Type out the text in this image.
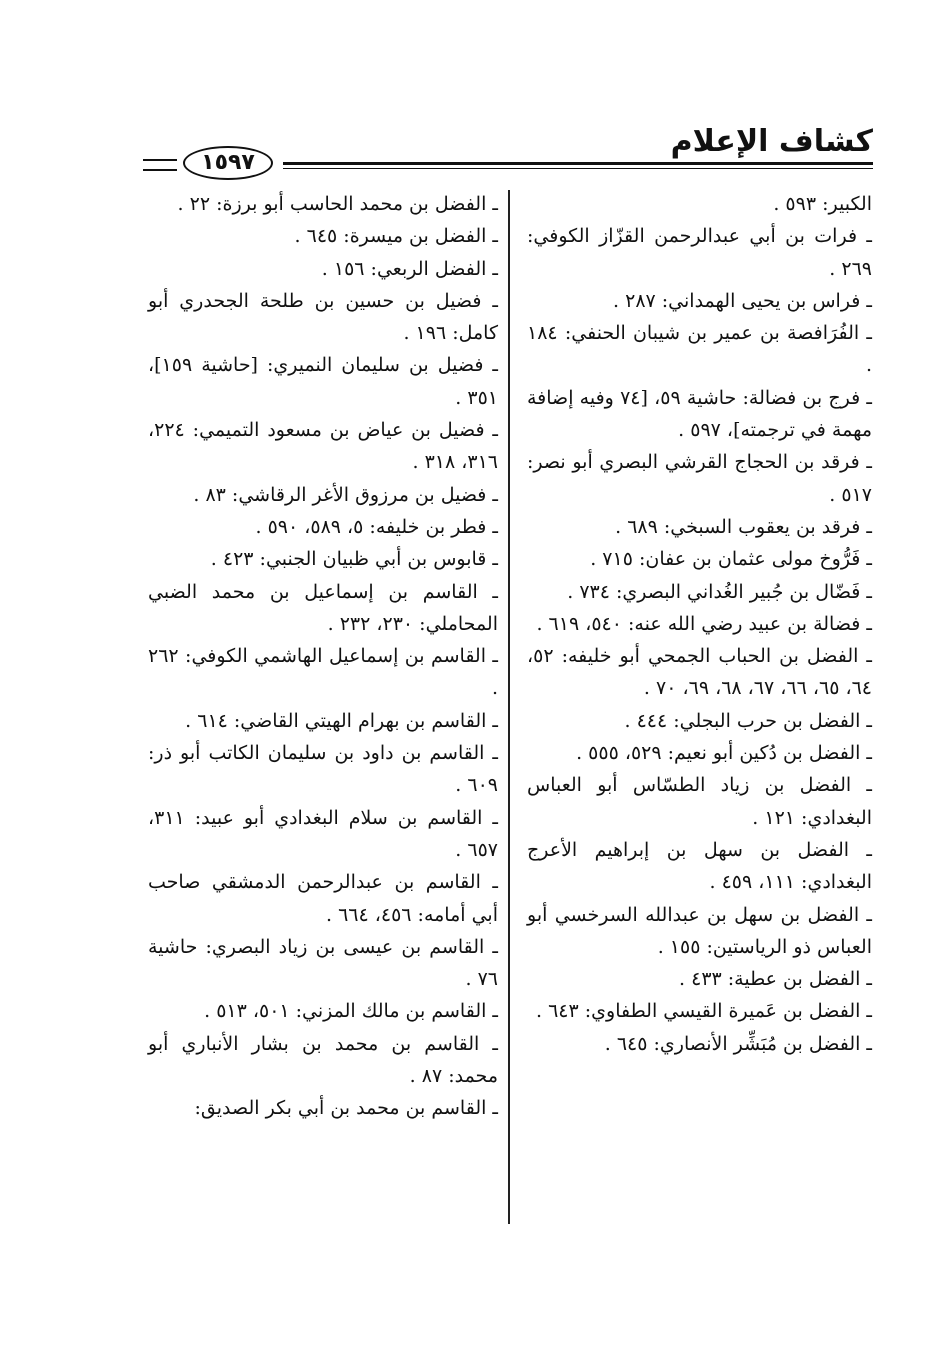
كشاف الإعلام
١٥٩٧

الكبير: ٥٩٣ .

ـ فرات بن أبي عبدالرحمن القزّاز الكوفي: ٢٦٩ .

ـ فراس بن يحيى الهمداني: ٢٨٧ .

ـ الفُرَافصة بن عمير بن شيبان الحنفي: ١٨٤ .

ـ فرج بن فضالة: حاشية ٥٩، [٧٤ وفيه إضافة مهمة في ترجمته]، ٥٩٧ .

ـ فرقد بن الحجاج القرشي البصري أبو نصر: ٥١٧ .

ـ فرقد بن يعقوب السبخي: ٦٨٩ .

ـ فَرُّوخ مولى عثمان بن عفان: ٧١٥ .

ـ فَضّال بن جُبير الغُداني البصري: ٧٣٤ .

ـ فضالة بن عبيد رضي الله عنه: ٥٤٠، ٦١٩ .

ـ الفضل بن الحباب الجمحي أبو خليفه: ٥٢، ٦٤، ٦٥، ٦٦، ٦٧، ٦٨، ٦٩، ٧٠ .

ـ الفضل بن حرب البجلي: ٤٤٤ .

ـ الفضل بن دُكين أبو نعيم: ٥٢٩، ٥٥٥ .

ـ الفضل بن زياد الطسّاس أبو العباس البغدادي: ١٢١ .

ـ الفضل بن سهل بن إبراهيم الأعرج البغدادي: ١١١، ٤٥٩ .

ـ الفضل بن سهل بن عبدالله السرخسي أبو العباس ذو الرياستين: ١٥٥ .

ـ الفضل بن عطية: ٤٣٣ .

ـ الفضل بن عَميرة القيسي الطفاوي: ٦٤٣ .

ـ الفضل بن مُبَشِّر الأنصاري: ٦٤٥ .

ـ الفضل بن محمد الحاسب أبو برزة: ٢٢ .

ـ الفضل بن ميسرة: ٦٤٥ .

ـ الفضل الربعي: ١٥٦ .

ـ فضيل بن حسين بن طلحة الجحدري أبو كامل: ١٩٦ .

ـ فضيل بن سليمان النميري: [حاشية ١٥٩]، ٣٥١ .

ـ فضيل بن عياض بن مسعود التميمي: ٢٢٤، ٣١٦، ٣١٨ .

ـ فضيل بن مرزوق الأغر الرقاشي: ٨٣ .

ـ فطر بن خليفه: ٥، ٥٨٩، ٥٩٠ .

ـ قابوس بن أبي ظبيان الجنبي: ٤٢٣ .

ـ القاسم بن إسماعيل بن محمد الضبي المحاملي: ٢٣٠، ٢٣٢ .

ـ القاسم بن إسماعيل الهاشمي الكوفي: ٢٦٢ .

ـ القاسم بن بهرام الهيتي القاضي: ٦١٤ .

ـ القاسم بن داود بن سليمان الكاتب أبو ذر: ٦٠٩ .

ـ القاسم بن سلام البغدادي أبو عبيد: ٣١١، ٦٥٧ .

ـ القاسم بن عبدالرحمن الدمشقي صاحب أبي أمامه: ٤٥٦، ٦٦٤ .

ـ القاسم بن عيسى بن زياد البصري: حاشية ٧٦ .

ـ القاسم بن مالك المزني: ٥٠١، ٥١٣ .

ـ القاسم بن محمد بن بشار الأنباري أبو محمد: ٨٧ .

ـ القاسم بن محمد بن أبي بكر الصديق:
